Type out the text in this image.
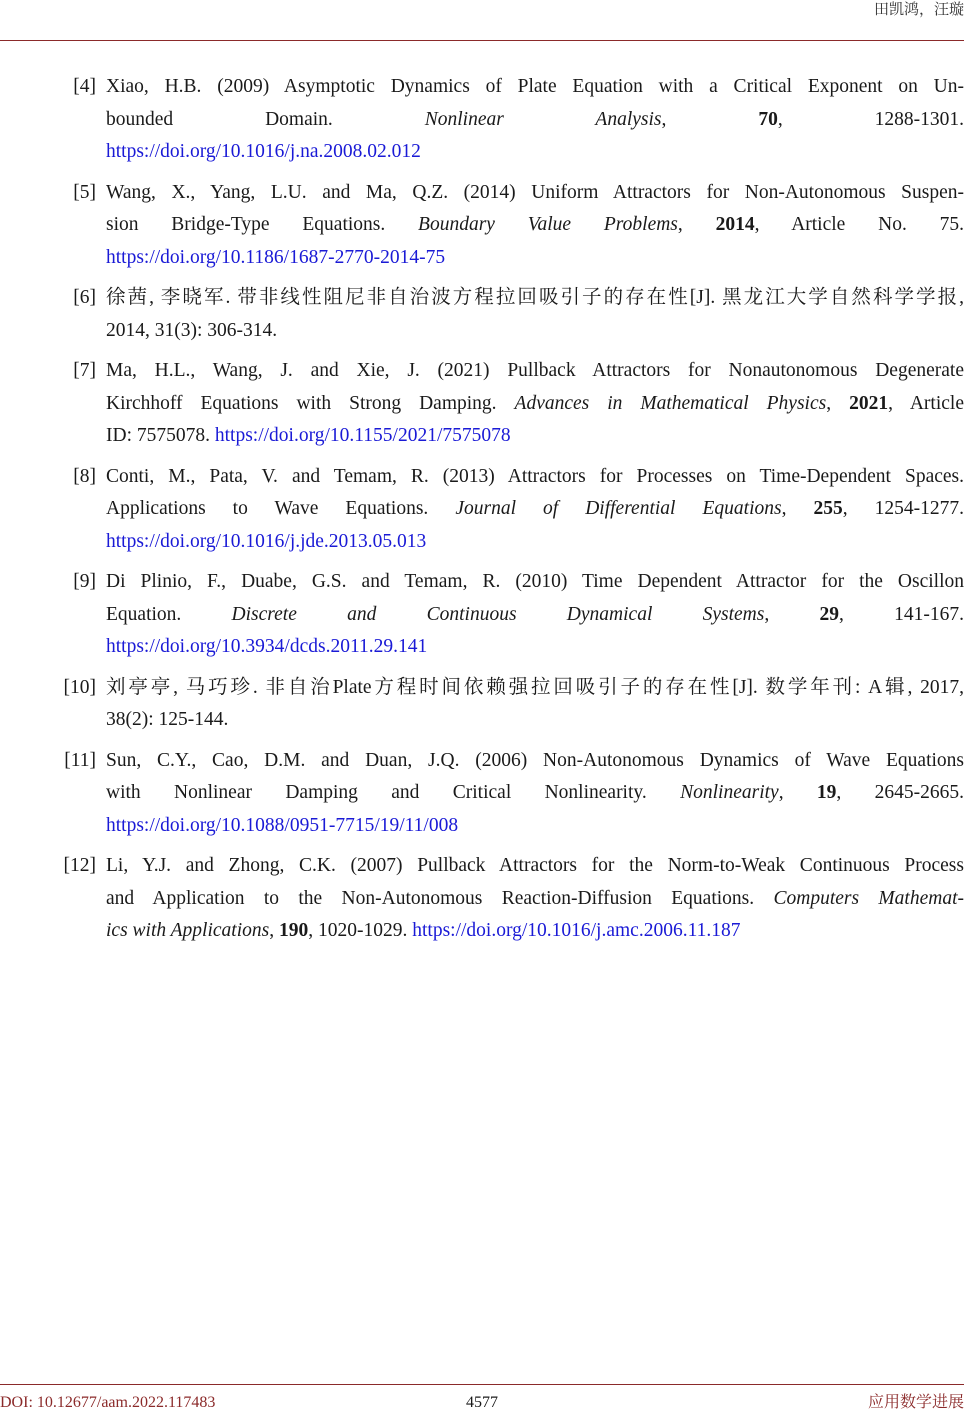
田凯鸿，汪璇
[4] Xiao, H.B. (2009) Asymptotic Dynamics of Plate Equation with a Critical Exponent on Un-
bounded Domain. Nonlinear Analysis, 70, 1288-1301.
https://doi.org/10.1016/j.na.2008.02.012
[5] Wang, X., Yang, L.U. and Ma, Q.Z. (2014) Uniform Attractors for Non-Autonomous Suspen-
sion Bridge-Type Equations. Boundary Value Problems, 2014, Article No. 75.
https://doi.org/10.1186/1687-2770-2014-75
[6] 徐茜, 李晓军. 带非线性阻尼非自治波方程拉回吸引子的存在性[J]. 黑龙江大学自然科学学报,
2014, 31(3): 306-314.
[7] Ma, H.L., Wang, J. and Xie, J. (2021) Pullback Attractors for Nonautonomous Degenerate
Kirchhoff Equations with Strong Damping. Advances in Mathematical Physics, 2021, Article
ID: 7575078. https://doi.org/10.1155/2021/7575078
[8] Conti, M., Pata, V. and Temam, R. (2013) Attractors for Processes on Time-Dependent Spaces.
Applications to Wave Equations. Journal of Differential Equations, 255, 1254-1277.
https://doi.org/10.1016/j.jde.2013.05.013
[9] Di Plinio, F., Duabe, G.S. and Temam, R. (2010) Time Dependent Attractor for the Oscillon
Equation. Discrete and Continuous Dynamical Systems, 29, 141-167.
https://doi.org/10.3934/dcds.2011.29.141
[10] 刘亭亭, 马巧珍. 非自治Plate方程时间依赖强拉回吸引子的存在性[J]. 数学年刊: A辑, 2017,
38(2): 125-144.
[11] Sun, C.Y., Cao, D.M. and Duan, J.Q. (2006) Non-Autonomous Dynamics of Wave Equations
with Nonlinear Damping and Critical Nonlinearity. Nonlinearity, 19, 2645-2665.
https://doi.org/10.1088/0951-7715/19/11/008
[12] Li, Y.J. and Zhong, C.K. (2007) Pullback Attractors for the Norm-to-Weak Continuous Process
and Application to the Non-Autonomous Reaction-Diffusion Equations. Computers Mathemat-
ics with Applications, 190, 1020-1029. https://doi.org/10.1016/j.amc.2006.11.187
DOI: 10.12677/aam.2022.117483	4577	应用数学进展
